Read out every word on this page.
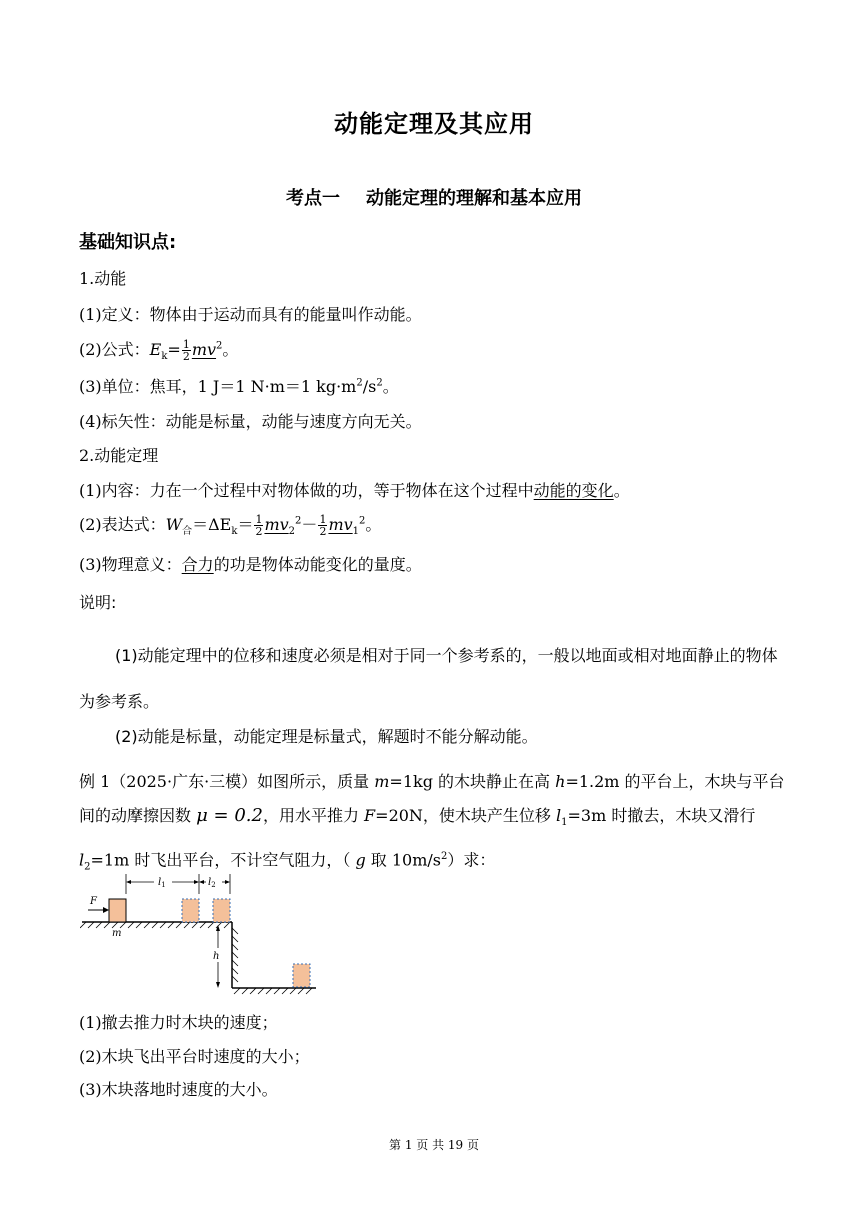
动能定理及其应用
考点一 动能定理的理解和基本应用
基础知识点:
1.动能
(1)定义：物体由于运动而具有的能量叫作动能。
(2)公式：$E_k= \frac{1}{2} mv^2$。
(3)单位：焦耳，1 J＝1 N·m＝1 $kg\cdot m^2/s^2$。
(4)标矢性：动能是标量，动能与速度方向无关。
2.动能定理
(1)内容：力在一个过程中对物体做的功，等于物体在这个过程中动能的变化。
(2)表达式：$W_合=\Delta E_k= \frac{1}{2} mv_2^2- \frac{1}{2} mv_1^2$。
(3)物理意义：合力的功是物体动能变化的量度。
说明:
(1)动能定理中的位移和速度必须是相对于同一个参考系的，一般以地面或相对地面静止的物体为参考系。
(2)动能是标量，动能定理是标量式，解题时不能分解动能。
例 1（2025·广东·三模）如图所示，质量 m=1kg 的木块静止在高 h=1.2m 的平台上，木块与平台间的动摩擦因数 μ = 0.2，用水平推力 F=20N，使木块产生位移 $l_1=3m$ 时撤去，木块又滑行 $l_2=1m$ 时飞出平台，不计空气阻力，（ g 取 $10m/s^2$）求：
F
m
$l_1$	$l_2$
h
(1)撤去推力时木块的速度；
(2)木块飞出平台时速度的大小；
(3)木块落地时速度的大小。
第 1 页 共 19 页
